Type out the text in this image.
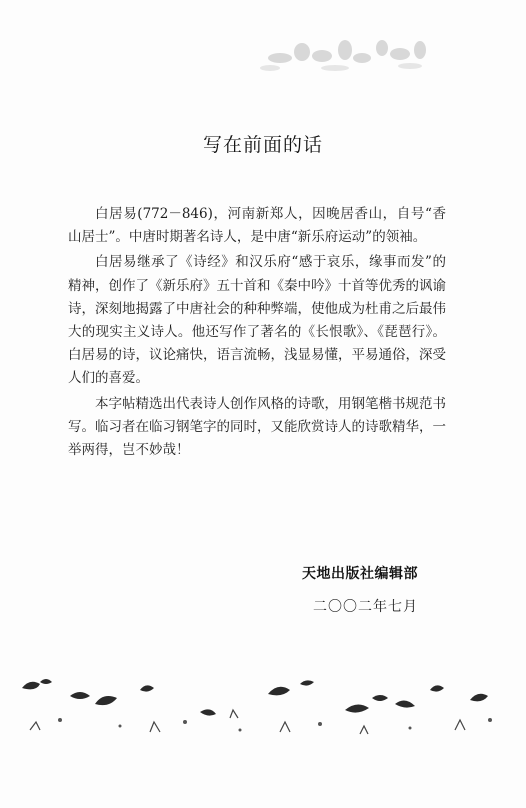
写在前面的话

白居易(772－846)，河南新郑人，因晚居香山，自号“香山居士”。中唐时期著名诗人，是中唐“新乐府运动”的领袖。

白居易继承了《诗经》和汉乐府“感于哀乐，缘事而发”的精神，创作了《新乐府》五十首和《秦中吟》十首等优秀的讽谕诗，深刻地揭露了中唐社会的种种弊端，使他成为杜甫之后最伟大的现实主义诗人。他还写作了著名的《长恨歌》、《琵琶行》。白居易的诗，议论痛快，语言流畅，浅显易懂，平易通俗，深受人们的喜爱。

本字帖精选出代表诗人创作风格的诗歌，用钢笔楷书规范书写。临习者在临习钢笔字的同时，又能欣赏诗人的诗歌精华，一举两得，岂不妙哉！

天地出版社编辑部
二〇〇二年七月
